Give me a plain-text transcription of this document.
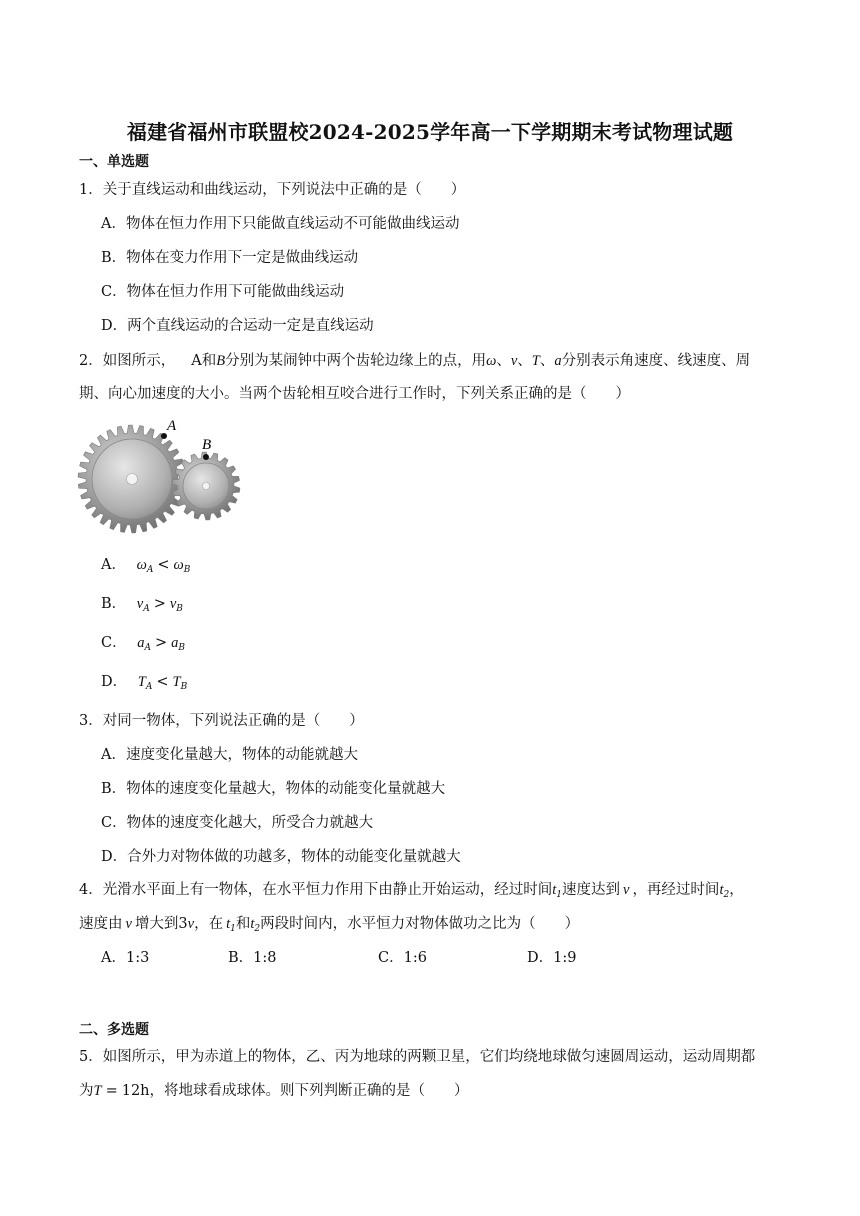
福建省福州市联盟校2024-2025学年高一下学期期末考试物理试题
一、单选题
1．关于直线运动和曲线运动，下列说法中正确的是（　　）
A．物体在恒力作用下只能做直线运动不可能做曲线运动
B．物体在变力作用下一定是做曲线运动
C．物体在恒力作用下可能做曲线运动
D．两个直线运动的合运动一定是直线运动
2．如图所示， A和B分别为某闹钟中两个齿轮边缘上的点，用ω、v、T、a分别表示角速度、线速度、周
期、向心加速度的大小。当两个齿轮相互咬合进行工作时，下列关系正确的是（　　）
A
B
A． $\omega_A < \omega_B$
B． $v_A > v_B$
C． $a_A > a_B$
D． $T_A < T_B$
3．对同一物体，下列说法正确的是（　　）
A．速度变化量越大，物体的动能就越大
B．物体的速度变化量越大，物体的动能变化量就越大
C．物体的速度变化越大，所受合力就越大
D．合外力对物体做的功越多，物体的动能变化量就越大
4．光滑水平面上有一物体，在水平恒力作用下由静止开始运动，经过时间$t_1$速度达到 v ，再经过时间$t_2$，
速度由 v 增大到3v，在 $t_1$和$t_2$两段时间内，水平恒力对物体做功之比为（　　）
A．1:3	B．1:8	C．1:6	D．1:9
二、多选题
5．如图所示，甲为赤道上的物体，乙、丙为地球的两颗卫星，它们均绕地球做匀速圆周运动，运动周期都
为T = 12h，将地球看成球体。则下列判断正确的是（　　）
